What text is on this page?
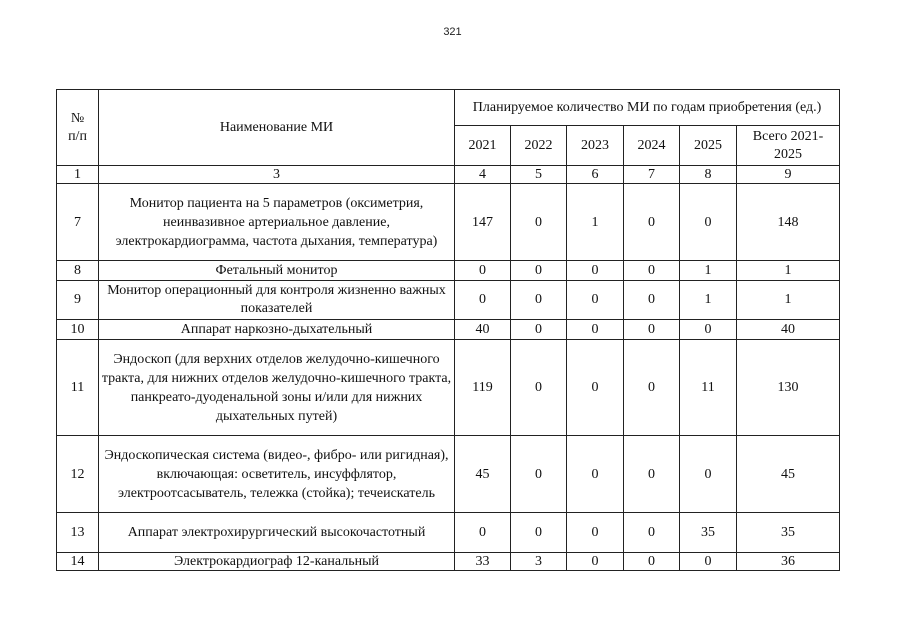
321
№
п/п	Наименование МИ	Планируемое количество МИ по годам приобретения (ед.)					
		2021	2022	2023	2024	2025	Всего 2021-2025
1	3	4	5	6	7	8	9
7	Монитор пациента на 5 параметров (оксиметрия, неинвазивное артериальное давление, электрокардиограмма, частота дыхания, температура)	147	0	1	0	0	148
8	Фетальный монитор	0	0	0	0	1	1
9	Монитор операционный для контроля жизненно важных показателей	0	0	0	0	1	1
10	Аппарат наркозно-дыхательный	40	0	0	0	0	40
11	Эндоскоп (для верхних отделов желудочно-кишечного тракта, для нижних отделов желудочно-кишечного тракта, панкреато-дуоденальной зоны и/или для нижних дыхательных путей)	119	0	0	0	11	130
12	Эндоскопическая система (видео-, фибро- или ригидная), включающая: осветитель, инсуффлятор, электроотсасыватель, тележка (стойка); течеискатель	45	0	0	0	0	45
13	Аппарат электрохирургический высокочастотный	0	0	0	0	35	35
14	Электрокардиограф 12-канальный	33	3	0	0	0	36
